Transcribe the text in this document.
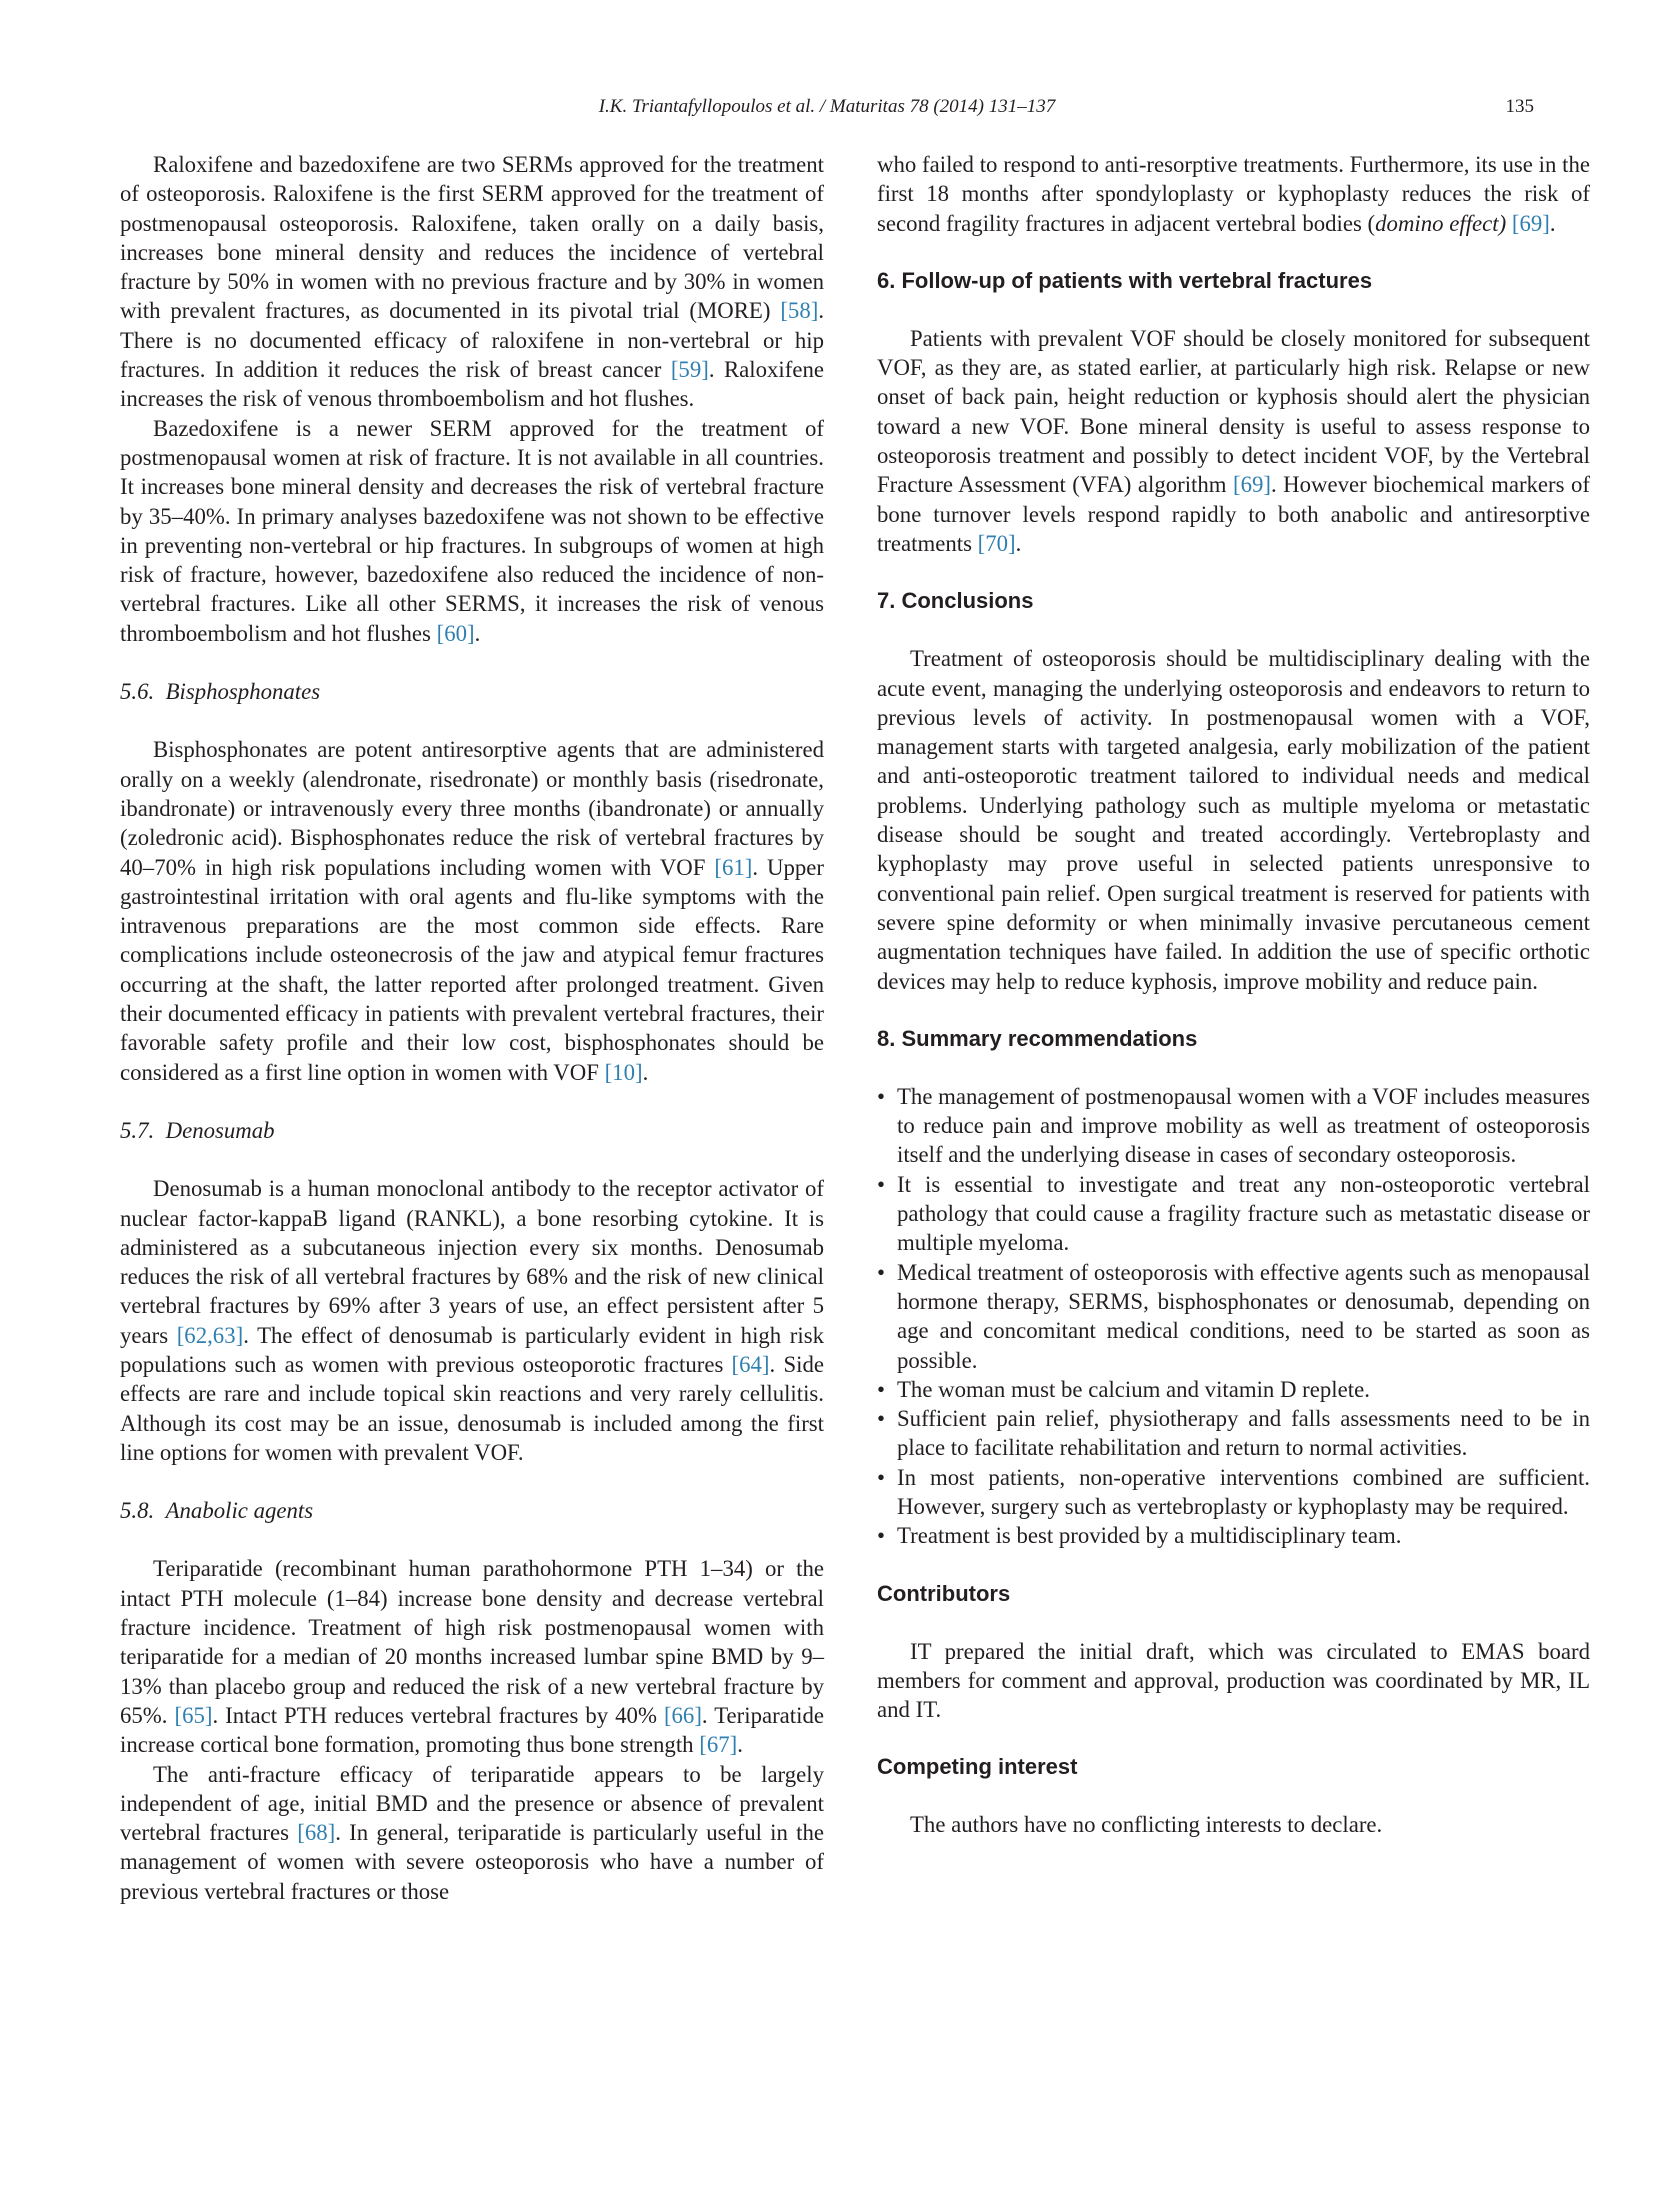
I.K. Triantafyllopoulos et al. / Maturitas 78 (2014) 131–137	135

Raloxifene and bazedoxifene are two SERMs approved for the treatment of osteoporosis. Raloxifene is the first SERM approved for the treatment of postmenopausal osteoporosis. Raloxifene, taken orally on a daily basis, increases bone mineral density and reduces the incidence of vertebral fracture by 50% in women with no previous fracture and by 30% in women with prevalent fractures, as documented in its pivotal trial (MORE) [58]. There is no documented efficacy of raloxifene in non-vertebral or hip fractures. In addition it reduces the risk of breast cancer [59]. Raloxifene increases the risk of venous thromboembolism and hot flushes.

Bazedoxifene is a newer SERM approved for the treatment of postmenopausal women at risk of fracture. It is not available in all countries. It increases bone mineral density and decreases the risk of vertebral fracture by 35–40%. In primary analyses bazedoxifene was not shown to be effective in preventing non-vertebral or hip fractures. In subgroups of women at high risk of fracture, however, bazedoxifene also reduced the incidence of non-vertebral fractures. Like all other SERMS, it increases the risk of venous thromboembolism and hot flushes [60].

5.6. Bisphosphonates

Bisphosphonates are potent antiresorptive agents that are administered orally on a weekly (alendronate, risedronate) or monthly basis (risedronate, ibandronate) or intravenously every three months (ibandronate) or annually (zoledronic acid). Bisphosphonates reduce the risk of vertebral fractures by 40–70% in high risk populations including women with VOF [61]. Upper gastrointestinal irritation with oral agents and flu-like symptoms with the intravenous preparations are the most common side effects. Rare complications include osteonecrosis of the jaw and atypical femur fractures occurring at the shaft, the latter reported after prolonged treatment. Given their documented efficacy in patients with prevalent vertebral fractures, their favorable safety profile and their low cost, bisphosphonates should be considered as a first line option in women with VOF [10].

5.7. Denosumab

Denosumab is a human monoclonal antibody to the receptor activator of nuclear factor-kappaB ligand (RANKL), a bone resorbing cytokine. It is administered as a subcutaneous injection every six months. Denosumab reduces the risk of all vertebral fractures by 68% and the risk of new clinical vertebral fractures by 69% after 3 years of use, an effect persistent after 5 years [62,63]. The effect of denosumab is particularly evident in high risk populations such as women with previous osteoporotic fractures [64]. Side effects are rare and include topical skin reactions and very rarely cellulitis. Although its cost may be an issue, denosumab is included among the first line options for women with prevalent VOF.

5.8. Anabolic agents

Teriparatide (recombinant human parathohormone PTH 1–34) or the intact PTH molecule (1–84) increase bone density and decrease vertebral fracture incidence. Treatment of high risk postmenopausal women with teriparatide for a median of 20 months increased lumbar spine BMD by 9–13% than placebo group and reduced the risk of a new vertebral fracture by 65%. [65]. Intact PTH reduces vertebral fractures by 40% [66]. Teriparatide increase cortical bone formation, promoting thus bone strength [67].

The anti-fracture efficacy of teriparatide appears to be largely independent of age, initial BMD and the presence or absence of prevalent vertebral fractures [68]. In general, teriparatide is particularly useful in the management of women with severe osteoporosis who have a number of previous vertebral fractures or those

who failed to respond to anti-resorptive treatments. Furthermore, its use in the first 18 months after spondyloplasty or kyphoplasty reduces the risk of second fragility fractures in adjacent vertebral bodies (domino effect) [69].

6. Follow-up of patients with vertebral fractures

Patients with prevalent VOF should be closely monitored for subsequent VOF, as they are, as stated earlier, at particularly high risk. Relapse or new onset of back pain, height reduction or kyphosis should alert the physician toward a new VOF. Bone mineral density is useful to assess response to osteoporosis treatment and possibly to detect incident VOF, by the Vertebral Fracture Assessment (VFA) algorithm [69]. However biochemical markers of bone turnover levels respond rapidly to both anabolic and antiresorptive treatments [70].

7. Conclusions

Treatment of osteoporosis should be multidisciplinary dealing with the acute event, managing the underlying osteoporosis and endeavors to return to previous levels of activity. In postmenopausal women with a VOF, management starts with targeted analgesia, early mobilization of the patient and anti-osteoporotic treatment tailored to individual needs and medical problems. Underlying pathology such as multiple myeloma or metastatic disease should be sought and treated accordingly. Vertebroplasty and kyphoplasty may prove useful in selected patients unresponsive to conventional pain relief. Open surgical treatment is reserved for patients with severe spine deformity or when minimally invasive percutaneous cement augmentation techniques have failed. In addition the use of specific orthotic devices may help to reduce kyphosis, improve mobility and reduce pain.

8. Summary recommendations
• The management of postmenopausal women with a VOF includes measures to reduce pain and improve mobility as well as treatment of osteoporosis itself and the underlying disease in cases of secondary osteoporosis.
• It is essential to investigate and treat any non-osteoporotic vertebral pathology that could cause a fragility fracture such as metastatic disease or multiple myeloma.
• Medical treatment of osteoporosis with effective agents such as menopausal hormone therapy, SERMS, bisphosphonates or denosumab, depending on age and concomitant medical conditions, need to be started as soon as possible.
• The woman must be calcium and vitamin D replete.
• Sufficient pain relief, physiotherapy and falls assessments need to be in place to facilitate rehabilitation and return to normal activities.
• In most patients, non-operative interventions combined are sufficient. However, surgery such as vertebroplasty or kyphoplasty may be required.
• Treatment is best provided by a multidisciplinary team.
Contributors

IT prepared the initial draft, which was circulated to EMAS board members for comment and approval, production was coordinated by MR, IL and IT.

Competing interest

The authors have no conflicting interests to declare.
